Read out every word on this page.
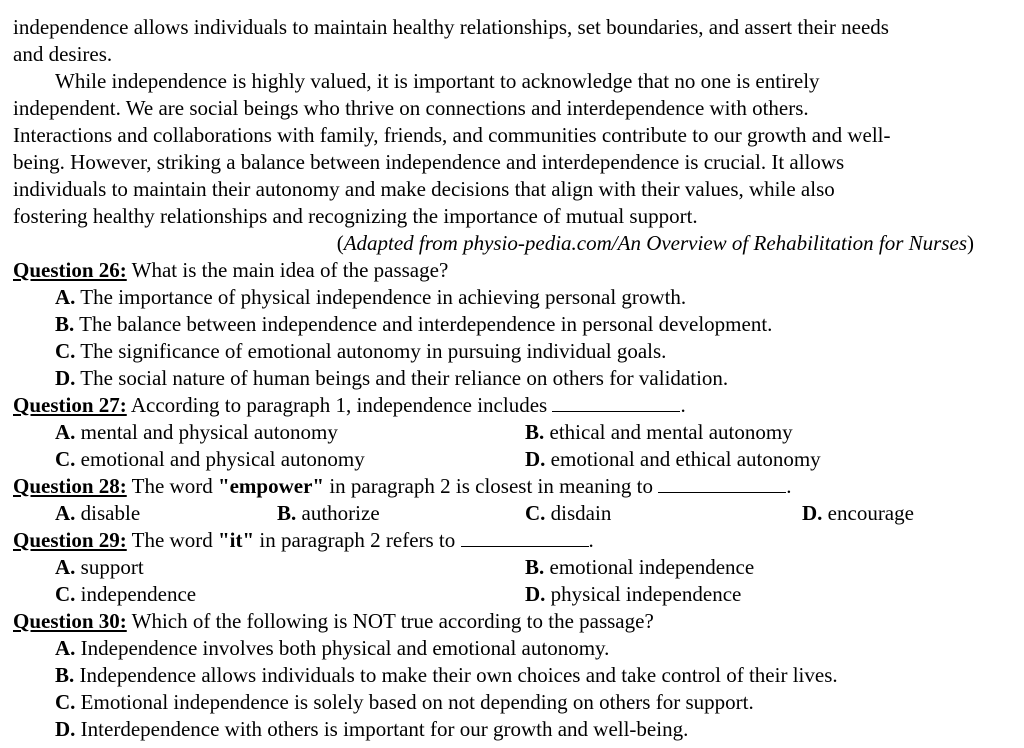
independence allows individuals to maintain healthy relationships, set boundaries, and assert their needs
and desires.
While independence is highly valued, it is important to acknowledge that no one is entirely
independent. We are social beings who thrive on connections and interdependence with others.
Interactions and collaborations with family, friends, and communities contribute to our growth and well-
being. However, striking a balance between independence and interdependence is crucial. It allows
individuals to maintain their autonomy and make decisions that align with their values, while also
fostering healthy relationships and recognizing the importance of mutual support.
(Adapted from physio-pedia.com/An Overview of Rehabilitation for Nurses)
Question 26: What is the main idea of the passage?
A. The importance of physical independence in achieving personal growth.
B. The balance between independence and interdependence in personal development.
C. The significance of emotional autonomy in pursuing individual goals.
D. The social nature of human beings and their reliance on others for validation.
Question 27: According to paragraph 1, independence includes	.
A. mental and physical autonomy	B. ethical and mental autonomy
C. emotional and physical autonomy	D. emotional and ethical autonomy
Question 28: The word "empower" in paragraph 2 is closest in meaning to	.
A. disable	B. authorize	C. disdain	D. encourage
Question 29: The word "it" in paragraph 2 refers to	.
A. support	B. emotional independence
C. independence	D. physical independence
Question 30: Which of the following is NOT true according to the passage?
A. Independence involves both physical and emotional autonomy.
B. Independence allows individuals to make their own choices and take control of their lives.
C. Emotional independence is solely based on not depending on others for support.
D. Interdependence with others is important for our growth and well-being.
